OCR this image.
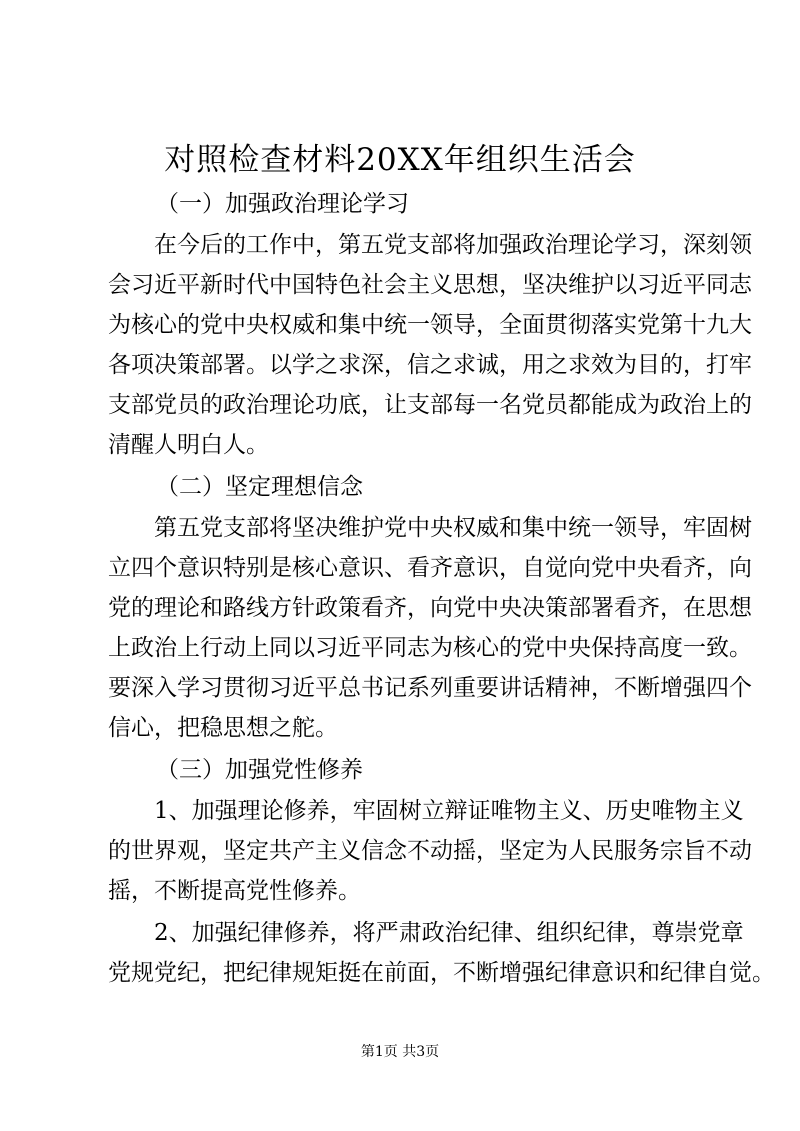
对照检查材料20XX年组织生活会

（一）加强政治理论学习

在今后的工作中，第五党支部将加强政治理论学习，深刻领

会习近平新时代中国特色社会主义思想，坚决维护以习近平同志

为核心的党中央权威和集中统一领导，全面贯彻落实党第十九大

各项决策部署。以学之求深，信之求诚，用之求效为目的，打牢

支部党员的政治理论功底，让支部每一名党员都能成为政治上的

清醒人明白人。

（二）坚定理想信念

第五党支部将坚决维护党中央权威和集中统一领导，牢固树

立四个意识特别是核心意识、看齐意识，自觉向党中央看齐，向

党的理论和路线方针政策看齐，向党中央决策部署看齐，在思想

上政治上行动上同以习近平同志为核心的党中央保持高度一致。

要深入学习贯彻习近平总书记系列重要讲话精神，不断增强四个

信心，把稳思想之舵。

（三）加强党性修养

1、加强理论修养，牢固树立辩证唯物主义、历史唯物主义

的世界观，坚定共产主义信念不动摇，坚定为人民服务宗旨不动

摇，不断提高党性修养。

2、加强纪律修养，将严肃政治纪律、组织纪律，尊崇党章

党规党纪，把纪律规矩挺在前面，不断增强纪律意识和纪律自觉。

第1页 共3页
